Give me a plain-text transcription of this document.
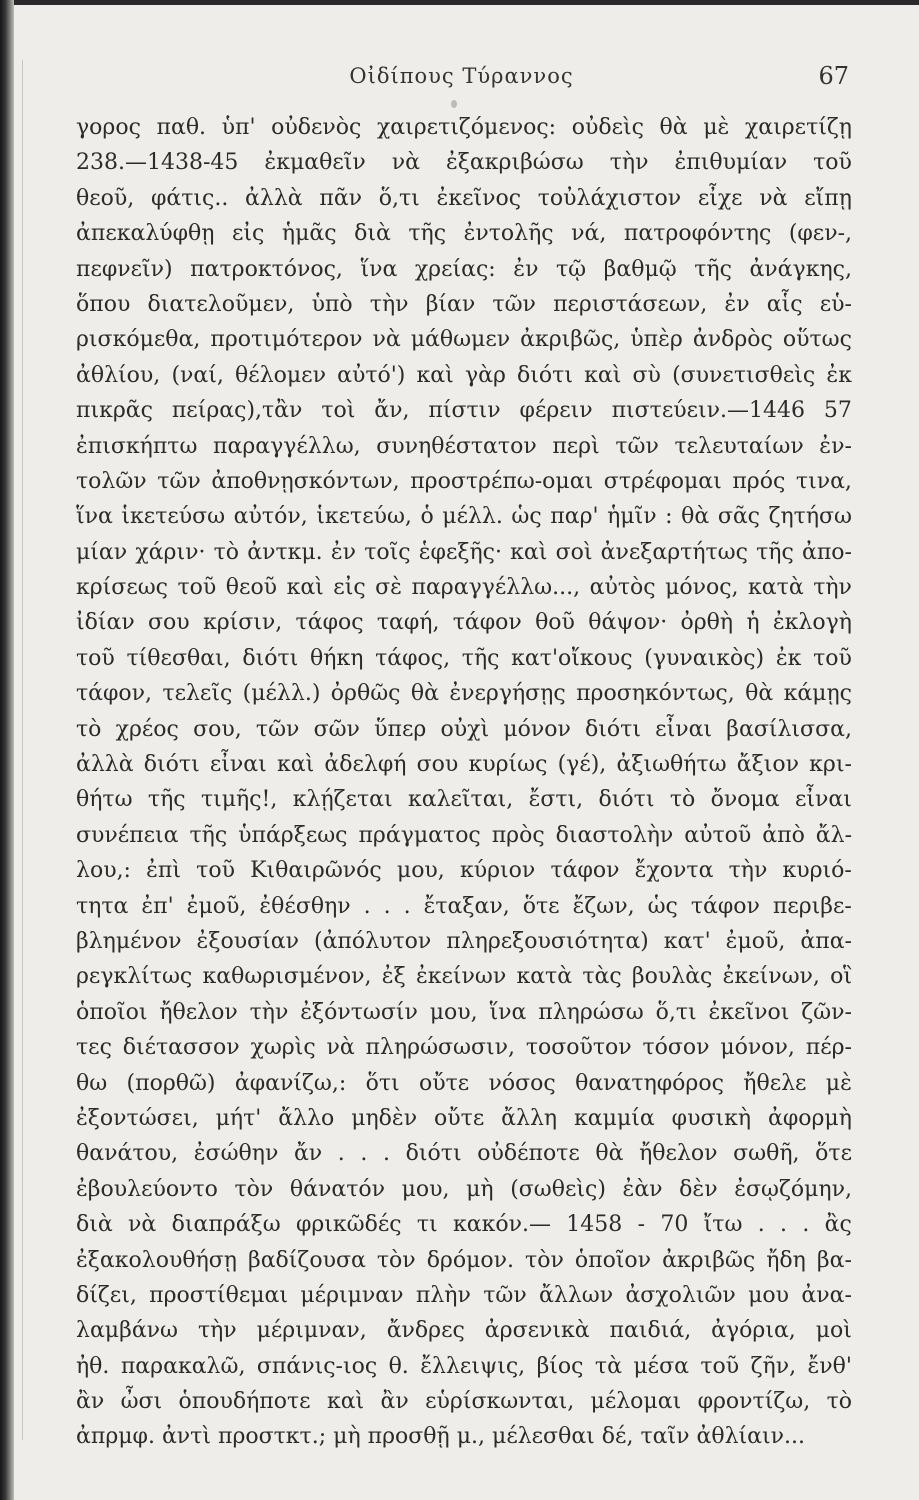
Οἰδίπους Τύραννος	67
γορος παθ. ὑπ' οὐδενὸς χαιρετιζόμενος: οὐδεὶς θὰ μὲ χαιρετίζῃ
238.—1438-45 ἐκμαθεῖν νὰ ἐξακριβώσω τὴν ἐπιθυμίαν τοῦ
θεοῦ, φάτις.. ἀλλὰ πᾶν ὅ,τι ἐκεῖνος τοὐλάχιστον εἶχε νὰ εἴπῃ
ἀπεκαλύφθῃ εἰς ἡμᾶς διὰ τῆς ἐντολῆς νά, πατροφόντης (φεν-,
πεφνεῖν) πατροκτόνος, ἵνα χρείας: ἐν τῷ βαθμῷ τῆς ἀνάγκης,
ὅπου διατελοῦμεν, ὑπὸ τὴν βίαν τῶν περιστάσεων, ἐν αἷς εὑ-
ρισκόμεθα, προτιμότερον νὰ μάθωμεν ἀκριβῶς, ὑπὲρ ἀνδρὸς οὕτως
ἀθλίου, (ναί, θέλομεν αὐτό') καὶ γὰρ διότι καὶ σὺ (συνετισθεὶς ἐκ
πικρᾶς πείρας),τἂν τοὶ ἄν, πίστιν φέρειν πιστεύειν.—1446 57
ἐπισκήπτω παραγγέλλω, συνηθέστατον περὶ τῶν τελευταίων ἐν-
τολῶν τῶν ἀποθνῃσκόντων, προστρέπω-ομαι στρέφομαι πρός τινα,
ἵνα ἱκετεύσω αὐτόν, ἱκετεύω, ὁ μέλλ. ὡς παρ' ἡμῖν : θὰ σᾶς ζητήσω
μίαν χάριν· τὸ ἀντκμ. ἐν τοῖς ἑφεξῆς· καὶ σοὶ ἀνεξαρτήτως τῆς ἀπο-
κρίσεως τοῦ θεοῦ καὶ εἰς σὲ παραγγέλλω..., αὐτὸς μόνος, κατὰ τὴν
ἰδίαν σου κρίσιν, τάφος ταφή, τάφον θοῦ θάψον· ὀρθὴ ἡ ἐκλογὴ
τοῦ τίθεσθαι, διότι θήκη τάφος, τῆς κατ'οἴκους (γυναικὸς) ἐκ τοῦ
τάφον, τελεῖς (μέλλ.) ὀρθῶς θὰ ἐνεργήσῃς προσηκόντως, θὰ κάμῃς
τὸ χρέος σου, τῶν σῶν ὕπερ οὐχὶ μόνον διότι εἶναι βασίλισσα,
ἀλλὰ διότι εἶναι καὶ ἀδελφή σου κυρίως (γέ), ἀξιωθήτω ἄξιον κρι-
θήτω τῆς τιμῆς!, κλῄζεται καλεῖται, ἔστι, διότι τὸ ὄνομα εἶναι
συνέπεια τῆς ὑπάρξεως πράγματος πρὸς διαστολὴν αὐτοῦ ἀπὸ ἄλ-
λου,: ἐπὶ τοῦ Κιθαιρῶνός μου, κύριον τάφον ἔχοντα τὴν κυριό-
τητα ἐπ' ἐμοῦ, ἐθέσθην . . . ἔταξαν, ὅτε ἔζων, ὡς τάφον περιβε-
βλημένον ἐξουσίαν (ἀπόλυτον πληρεξουσιότητα) κατ' ἐμοῦ, ἀπα-
ρεγκλίτως καθωρισμένον, ἐξ ἐκείνων κατὰ τὰς βουλὰς ἐκείνων, οἳ
ὁποῖοι ἤθελον τὴν ἐξόντωσίν μου, ἵνα πληρώσω ὅ,τι ἐκεῖνοι ζῶν-
τες διέτασσον χωρὶς νὰ πληρώσωσιν, τοσοῦτον τόσον μόνον, πέρ-
θω (πορθῶ) ἀφανίζω,: ὅτι οὔτε νόσος θανατηφόρος ἤθελε μὲ
ἐξοντώσει, μήτ' ἄλλο μηδὲν οὔτε ἄλλη καμμία φυσικὴ ἀφορμὴ
θανάτου, ἐσώθην ἄν . . . διότι οὐδέποτε θὰ ἤθελον σωθῆ, ὅτε
ἐβουλεύοντο τὸν θάνατόν μου, μὴ (σωθεὶς) ἐὰν δὲν ἐσῳζόμην,
διὰ νὰ διαπράξω φρικῶδές τι κακόν.— 1458 - 70 ἴτω . . . ἂς
ἐξακολουθήσῃ βαδίζουσα τὸν δρόμον. τὸν ὁποῖον ἀκριβῶς ἤδη βα-
δίζει, προστίθεμαι μέριμναν πλὴν τῶν ἄλλων ἀσχολιῶν μου ἀνα-
λαμβάνω τὴν μέριμναν, ἄνδρες ἀρσενικὰ παιδιά, ἀγόρια, μοὶ
ἠθ. παρακαλῶ, σπάνις-ιος θ. ἔλλειψις, βίος τὰ μέσα τοῦ ζῆν, ἔνθ'
ἂν ὦσι ὁπουδήποτε καὶ ἂν εὑρίσκωνται, μέλομαι φροντίζω, τὸ
ἀπρμφ. ἀντὶ προστκτ.; μὴ προσθῇ μ., μέλεσθαι δέ, ταῖν ἀθλίαιν...
